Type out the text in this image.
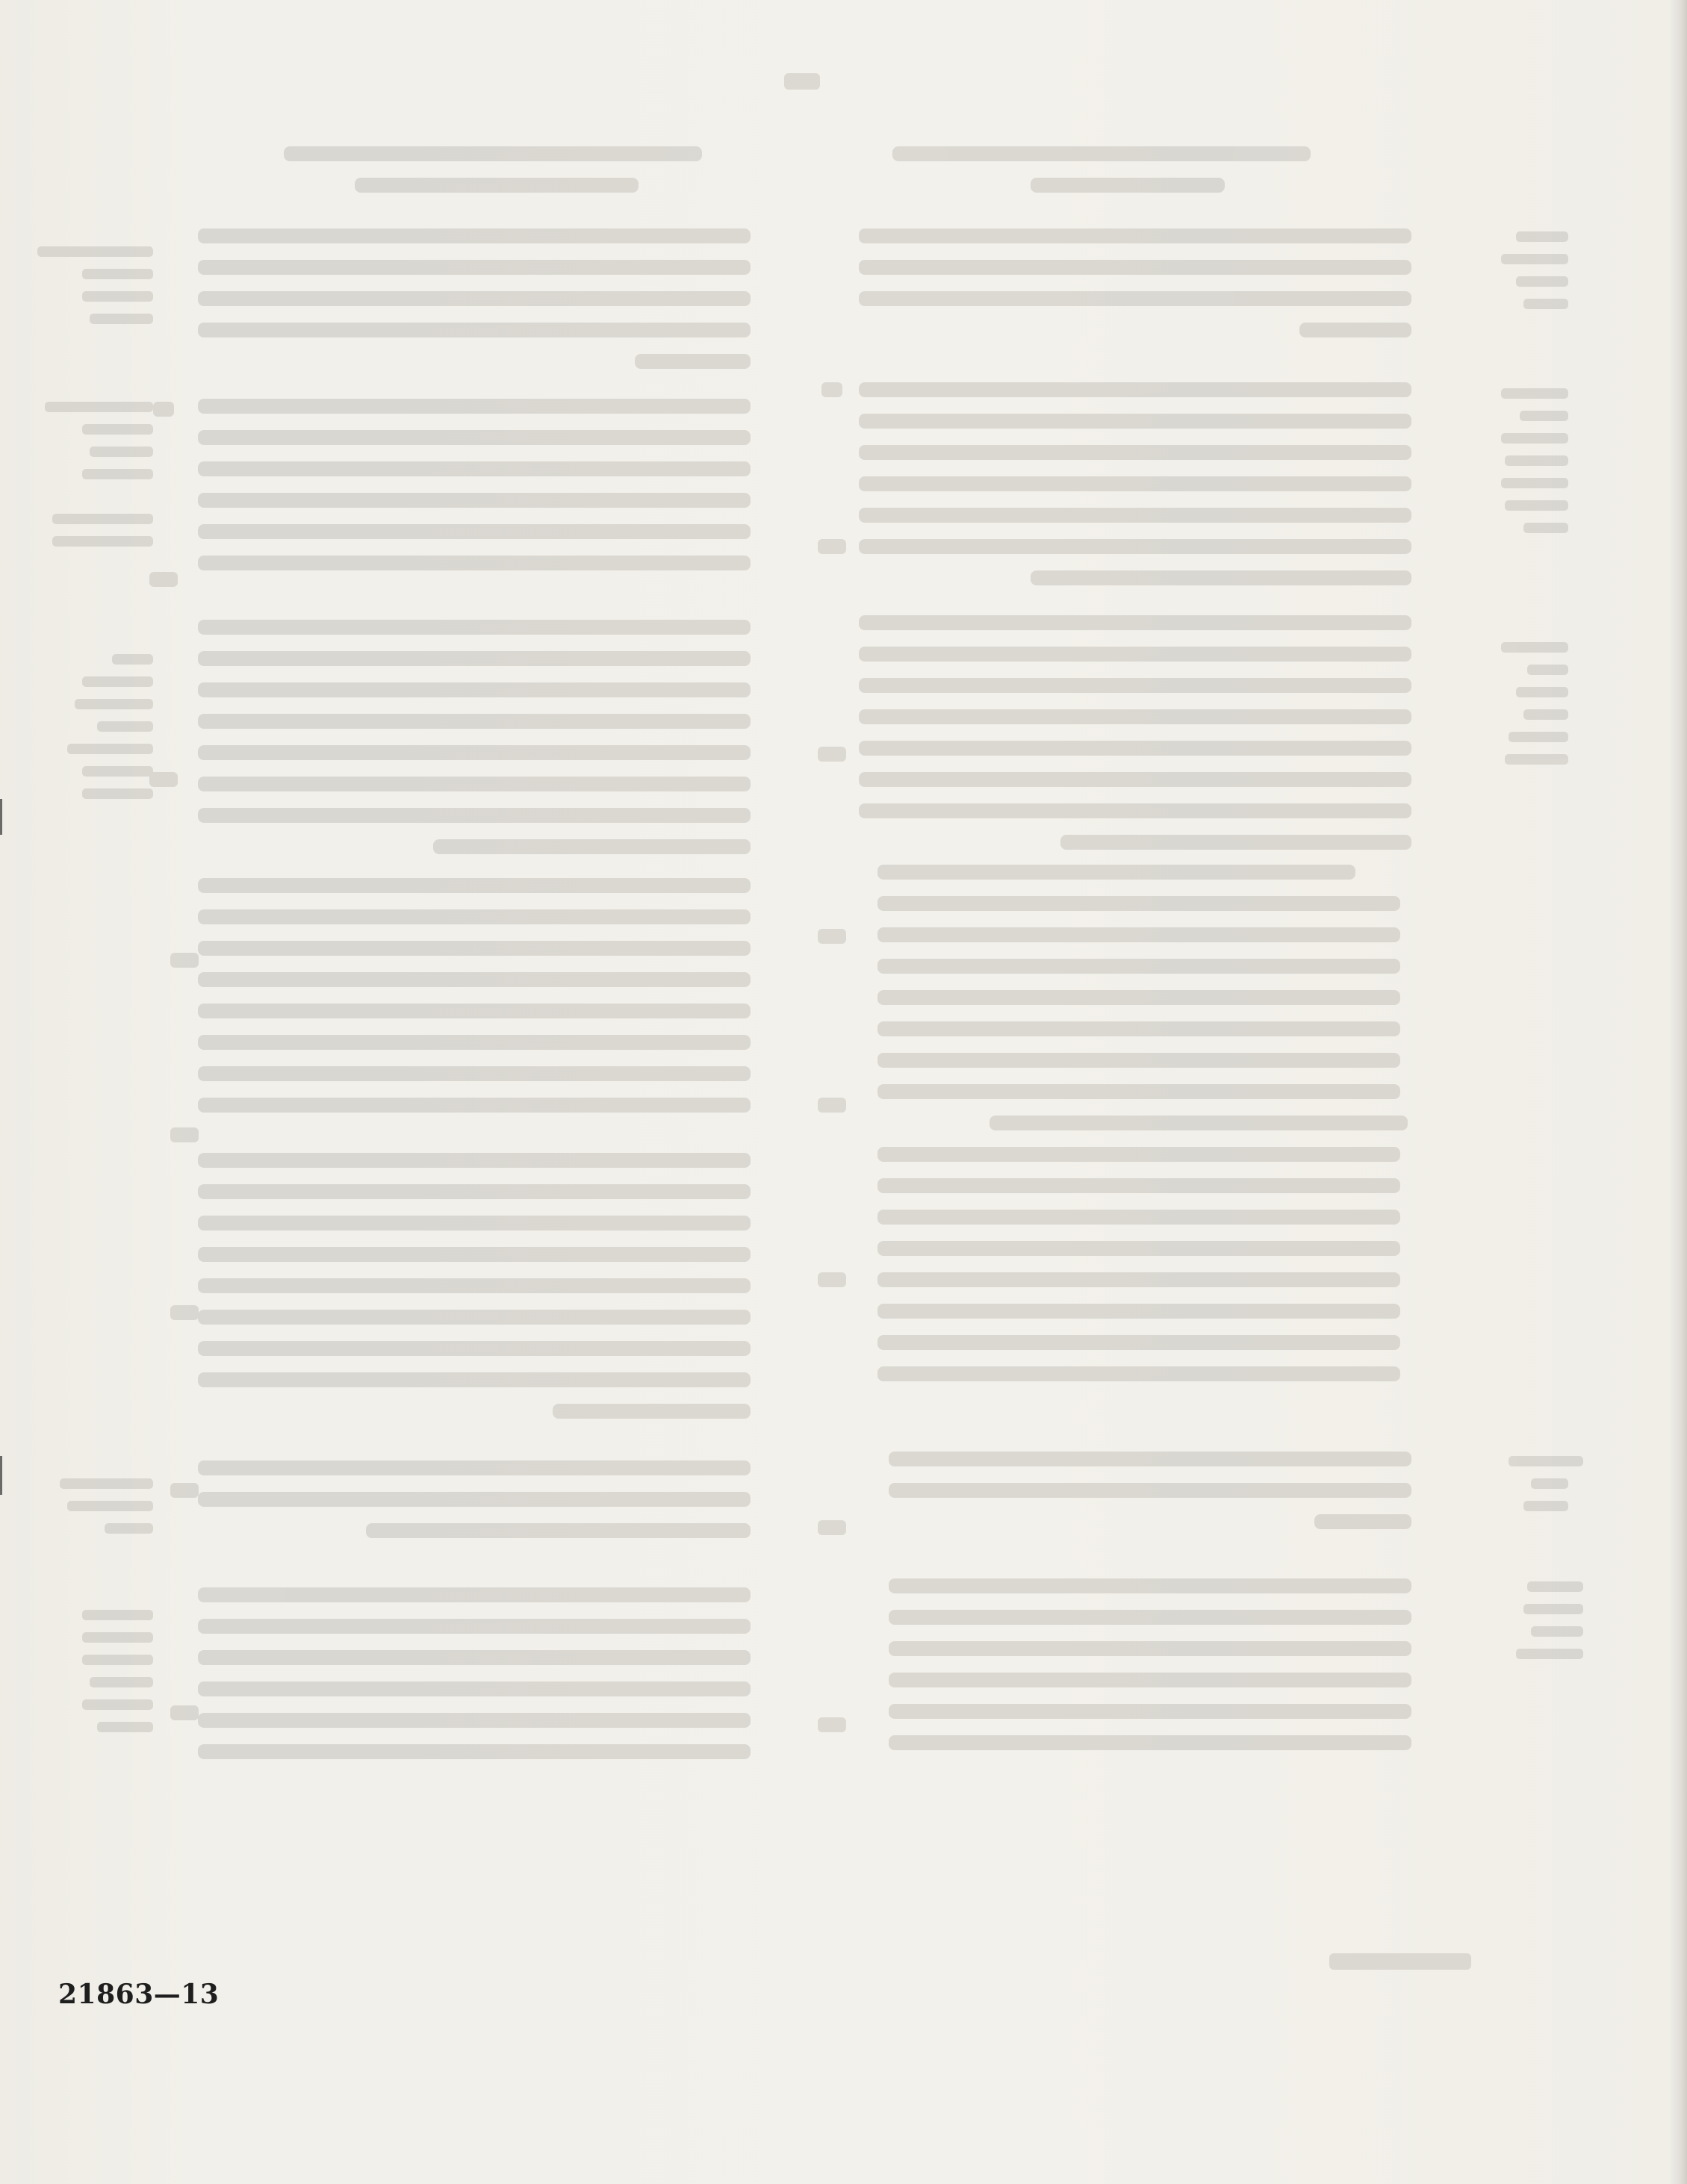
21863—13
